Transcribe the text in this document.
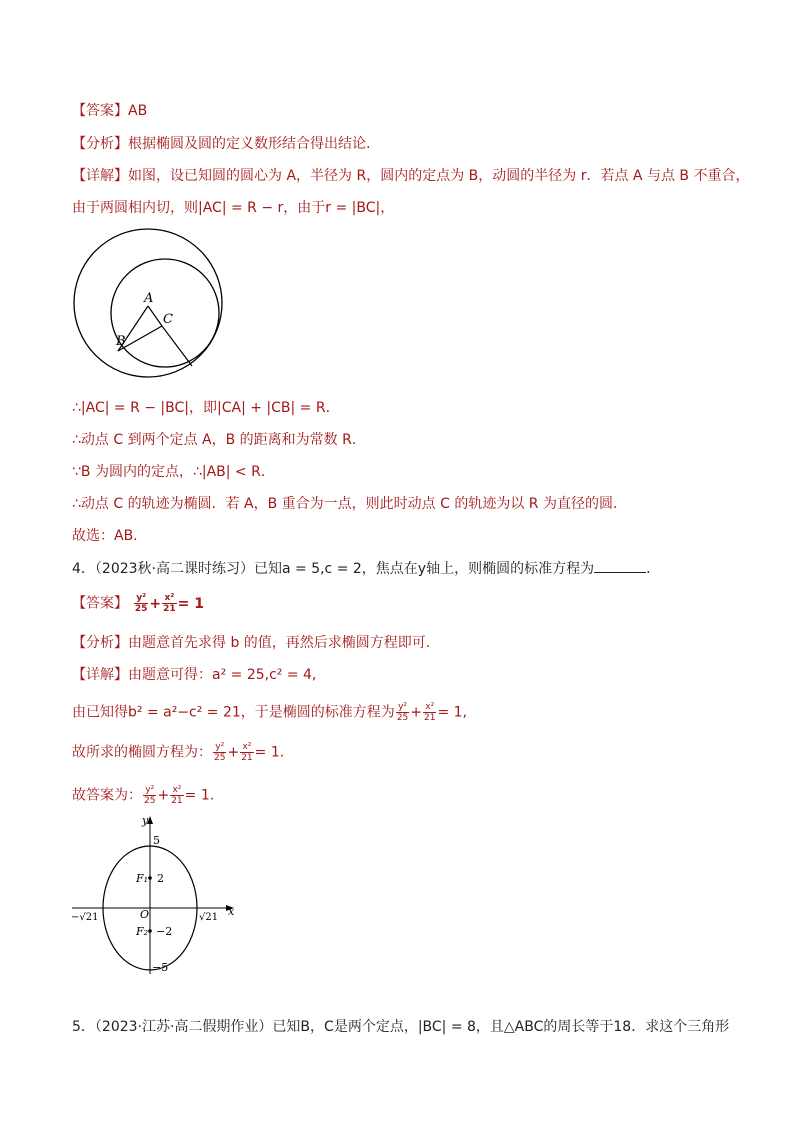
【答案】AB
【分析】根据椭圆及圆的定义数形结合得出结论.
【详解】如图，设已知圆的圆心为 A，半径为 R，圆内的定点为 B，动圆的半径为 r．若点 A 与点 B 不重合，
由于两圆相内切，则|AC| = R − r，由于r = |BC|，
A
B
C
∴|AC| = R − |BC|，即|CA| + |CB| = R．
∴动点 C 到两个定点 A，B 的距离和为常数 R．
∵B 为圆内的定点，∴|AB| < R．
∴动点 C 的轨迹为椭圆．若 A，B 重合为一点，则此时动点 C 的轨迹为以 R 为直径的圆．
故选：AB.
4．（2023秋·高二课时练习）已知a = 5,c = 2，焦点在y轴上，则椭圆的标准方程为	.
【答案】 $\frac{\text{y²}}{25} + \frac{\text{x²}}{21} = 1$
【分析】由题意首先求得 b 的值，再然后求椭圆方程即可.
【详解】由题意可得：a² = 25,c² = 4,
由已知得b² = a²−c² = 21，于是椭圆的标准方程为 $\frac{\text{y²}}{25} + \frac{\text{x²}}{21} = 1$,
故所求的椭圆方程为： $\frac{\text{y²}}{25} + \frac{\text{x²}}{21} = 1$.
故答案为： $\frac{\text{y²}}{25} + \frac{\text{x²}}{21} = 1$.
y
x
O
5
−5
F₁ 2
F₂ −2
−√21	√21
5．（2023·江苏·高二假期作业）已知B，C是两个定点，|BC| = 8，且△ABC的周长等于18．求这个三角形
